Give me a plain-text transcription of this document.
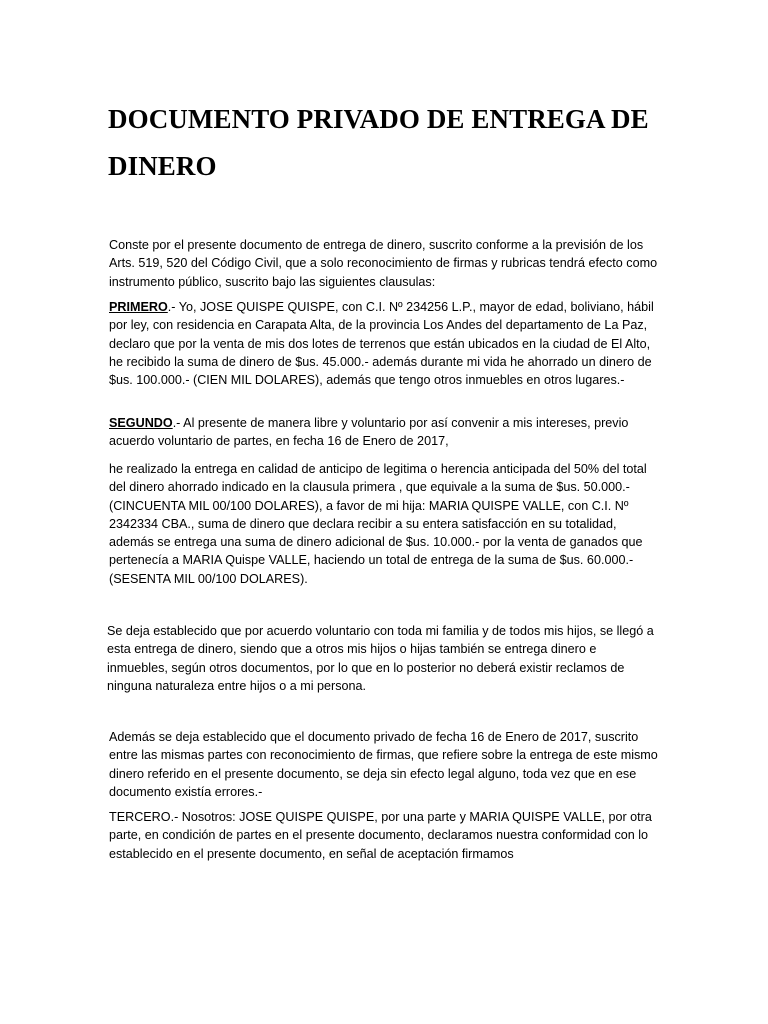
DOCUMENTO PRIVADO DE ENTREGA DE DINERO

Conste por el presente documento de entrega de dinero, suscrito conforme a la previsión de los Arts. 519, 520 del Código Civil, que a solo reconocimiento de firmas y rubricas tendrá efecto como instrumento público, suscrito bajo las siguientes clausulas:

PRIMERO.- Yo, JOSE QUISPE QUISPE, con C.I. Nº 234256 L.P., mayor de edad, boliviano, hábil por ley, con residencia en Carapata Alta, de la provincia Los Andes del departamento de La Paz, declaro que por la venta de mis dos lotes de terrenos que están ubicados en la ciudad de El Alto, he recibido la suma de dinero de $us. 45.000.- además durante mi vida he ahorrado un dinero de $us. 100.000.- (CIEN MIL DOLARES), además que tengo otros inmuebles en otros lugares.-

SEGUNDO.- Al presente de manera libre y voluntario por así convenir a mis intereses, previo acuerdo voluntario de partes, en fecha 16 de Enero de 2017,

he realizado la entrega en calidad de anticipo de legitima o herencia anticipada del 50% del total del dinero ahorrado indicado en la clausula primera , que equivale a la suma de $us. 50.000.- (CINCUENTA MIL 00/100 DOLARES), a favor de mi hija: MARIA QUISPE VALLE, con C.I. Nº 2342334 CBA., suma de dinero que declara recibir a su entera satisfacción en su totalidad, además se entrega una suma de dinero adicional de $us. 10.000.- por la venta de ganados que pertenecía a MARIA Quispe VALLE, haciendo un total de entrega de la suma de $us. 60.000.- (SESENTA MIL 00/100 DOLARES).

Se deja establecido que por acuerdo voluntario con toda mi familia y de todos mis hijos, se llegó a esta entrega de dinero, siendo que a otros mis hijos o hijas también se entrega dinero e inmuebles, según otros documentos, por lo que en lo posterior no deberá existir reclamos de ninguna naturaleza entre hijos o a mi persona.

Además se deja establecido que el documento privado de fecha 16 de Enero de 2017, suscrito entre las mismas partes con reconocimiento de firmas, que refiere sobre la entrega de este mismo dinero referido en el presente documento, se deja sin efecto legal alguno, toda vez que en ese documento existía errores.-

TERCERO.- Nosotros: JOSE QUISPE QUISPE, por una parte y MARIA QUISPE VALLE, por otra parte, en condición de partes en el presente documento, declaramos nuestra conformidad con lo establecido en el presente documento, en señal de aceptación firmamos
